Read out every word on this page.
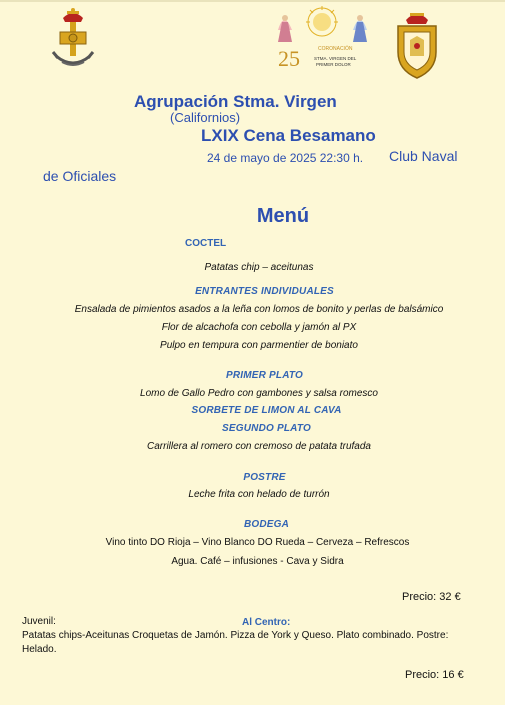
25	CORONACIÓN
STMA. VIRGEN DEL
PRIMER DOLOR
Agrupación Stma. Virgen
(Californios)
LXIX Cena Besamano
24 de mayo de 2025 22:30 h. Club Naval
de Oficiales
Menú
COCTEL
Patatas chip – aceitunas
ENTRANTES INDIVIDUALES
Ensalada de pimientos asados a la leña con lomos de bonito y perlas de balsámico
Flor de alcachofa con cebolla y jamón al PX
Pulpo en tempura con parmentier de boniato
PRIMER PLATO
Lomo de Gallo Pedro con gambones y salsa romesco
SORBETE DE LIMON AL CAVA
SEGUNDO PLATO
Carrillera al romero con cremoso de patata trufada
POSTRE
Leche frita con helado de turrón
BODEGA
Vino tinto DO Rioja – Vino Blanco DO Rueda – Cerveza – Refrescos
Agua. Café – infusiones - Cava y Sidra
Precio: 32 €
Juvenil:	Al Centro:
Patatas chips-Aceitunas Croquetas de Jamón. Pizza de York y Queso. Plato combinado. Postre: Helado.
Precio: 16 €
